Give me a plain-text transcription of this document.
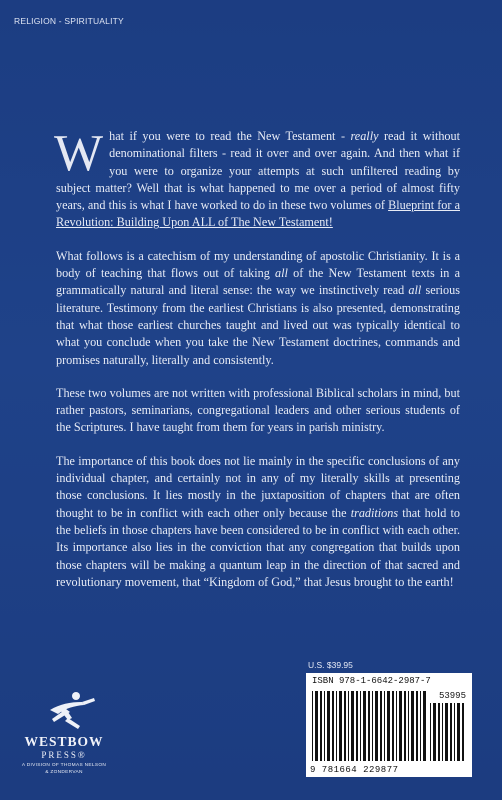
RELIGION - SPIRITUALITY

What if you were to read the New Testament - really read it without denominational filters - read it over and over again. And then what if you were to organize your attempts at such unfiltered reading by subject matter? Well that is what happened to me over a period of almost fifty years, and this is what I have worked to do in these two volumes of Blueprint for a Revolution: Building Upon ALL of The New Testament!

What follows is a catechism of my understanding of apostolic Christianity. It is a body of teaching that flows out of taking all of the New Testament texts in a grammatically natural and literal sense: the way we instinctively read all serious literature. Testimony from the earliest Christians is also presented, demonstrating that what those earliest churches taught and lived out was typically identical to what you conclude when you take the New Testament doctrines, commands and promises naturally, literally and consistently.

These two volumes are not written with professional Biblical scholars in mind, but rather pastors, seminarians, congregational leaders and other serious students of the Scriptures. I have taught from them for years in parish ministry.

The importance of this book does not lie mainly in the specific conclusions of any individual chapter, and certainly not in any of my literally skills at presenting those conclusions. It lies mostly in the juxtaposition of chapters that are often thought to be in conflict with each other only because the traditions that hold to the beliefs in those chapters have been considered to be in conflict with each other. Its importance also lies in the conviction that any congregation that builds upon those chapters will be making a quantum leap in the direction of that sacred and revolutionary movement, that “Kingdom of God,” that Jesus brought to the earth!

WESTBOW
PRESS®
A DIVISION OF THOMAS NELSON
& ZONDERVAN
U.S. $39.95
ISBN 978-1-6642-2987-7
53995
9 781664 229877
